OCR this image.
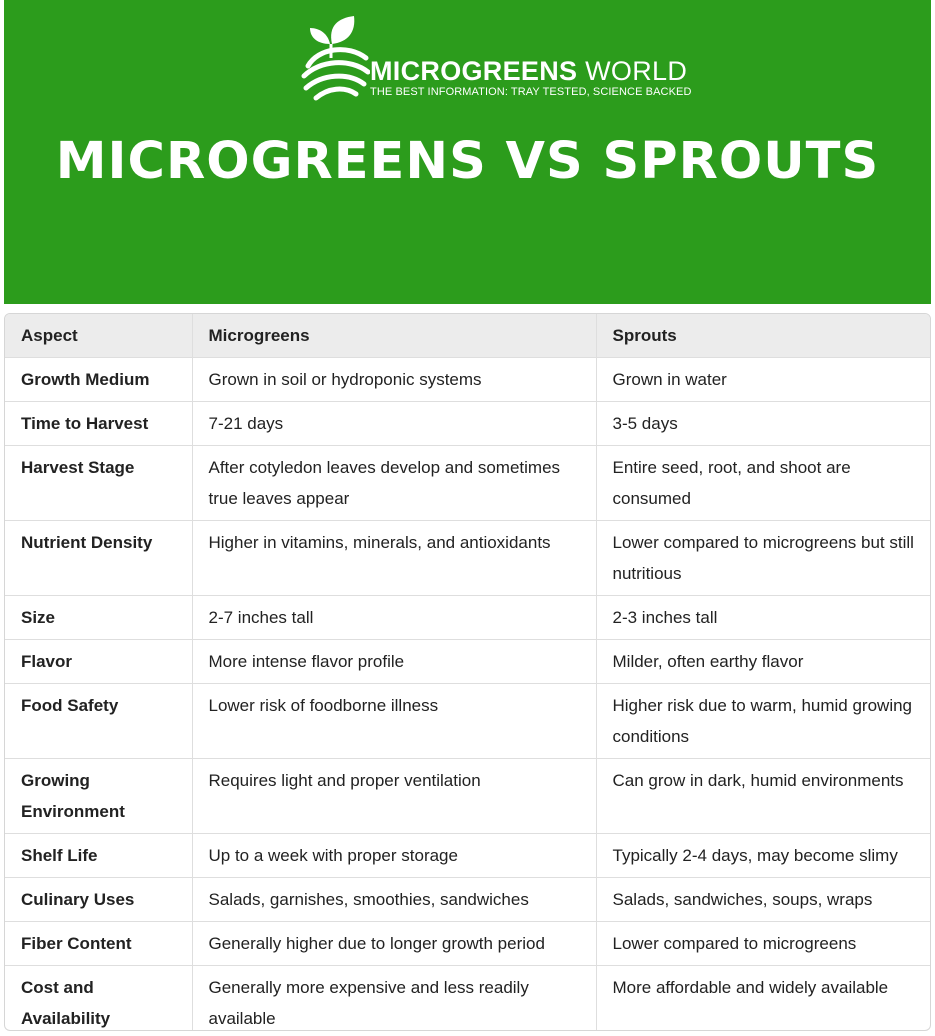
MICROGREENS WORLD
THE BEST INFORMATION: TRAY TESTED, SCIENCE BACKED
MICROGREENS VS SPROUTS
Aspect	Microgreens	Sprouts
Growth Medium	Grown in soil or hydroponic systems	Grown in water
Time to Harvest	7-21 days	3-5 days
Harvest Stage	After cotyledon leaves develop and sometimes true leaves appear	Entire seed, root, and shoot are consumed
Nutrient Density	Higher in vitamins, minerals, and antioxidants	Lower compared to microgreens but still nutritious
Size	2-7 inches tall	2-3 inches tall
Flavor	More intense flavor profile	Milder, often earthy flavor
Food Safety	Lower risk of foodborne illness	Higher risk due to warm, humid growing conditions
Growing Environment	Requires light and proper ventilation	Can grow in dark, humid environments
Shelf Life	Up to a week with proper storage	Typically 2-4 days, may become slimy
Culinary Uses	Salads, garnishes, smoothies, sandwiches	Salads, sandwiches, soups, wraps
Fiber Content	Generally higher due to longer growth period	Lower compared to microgreens
Cost and Availability	Generally more expensive and less readily available	More affordable and widely available
